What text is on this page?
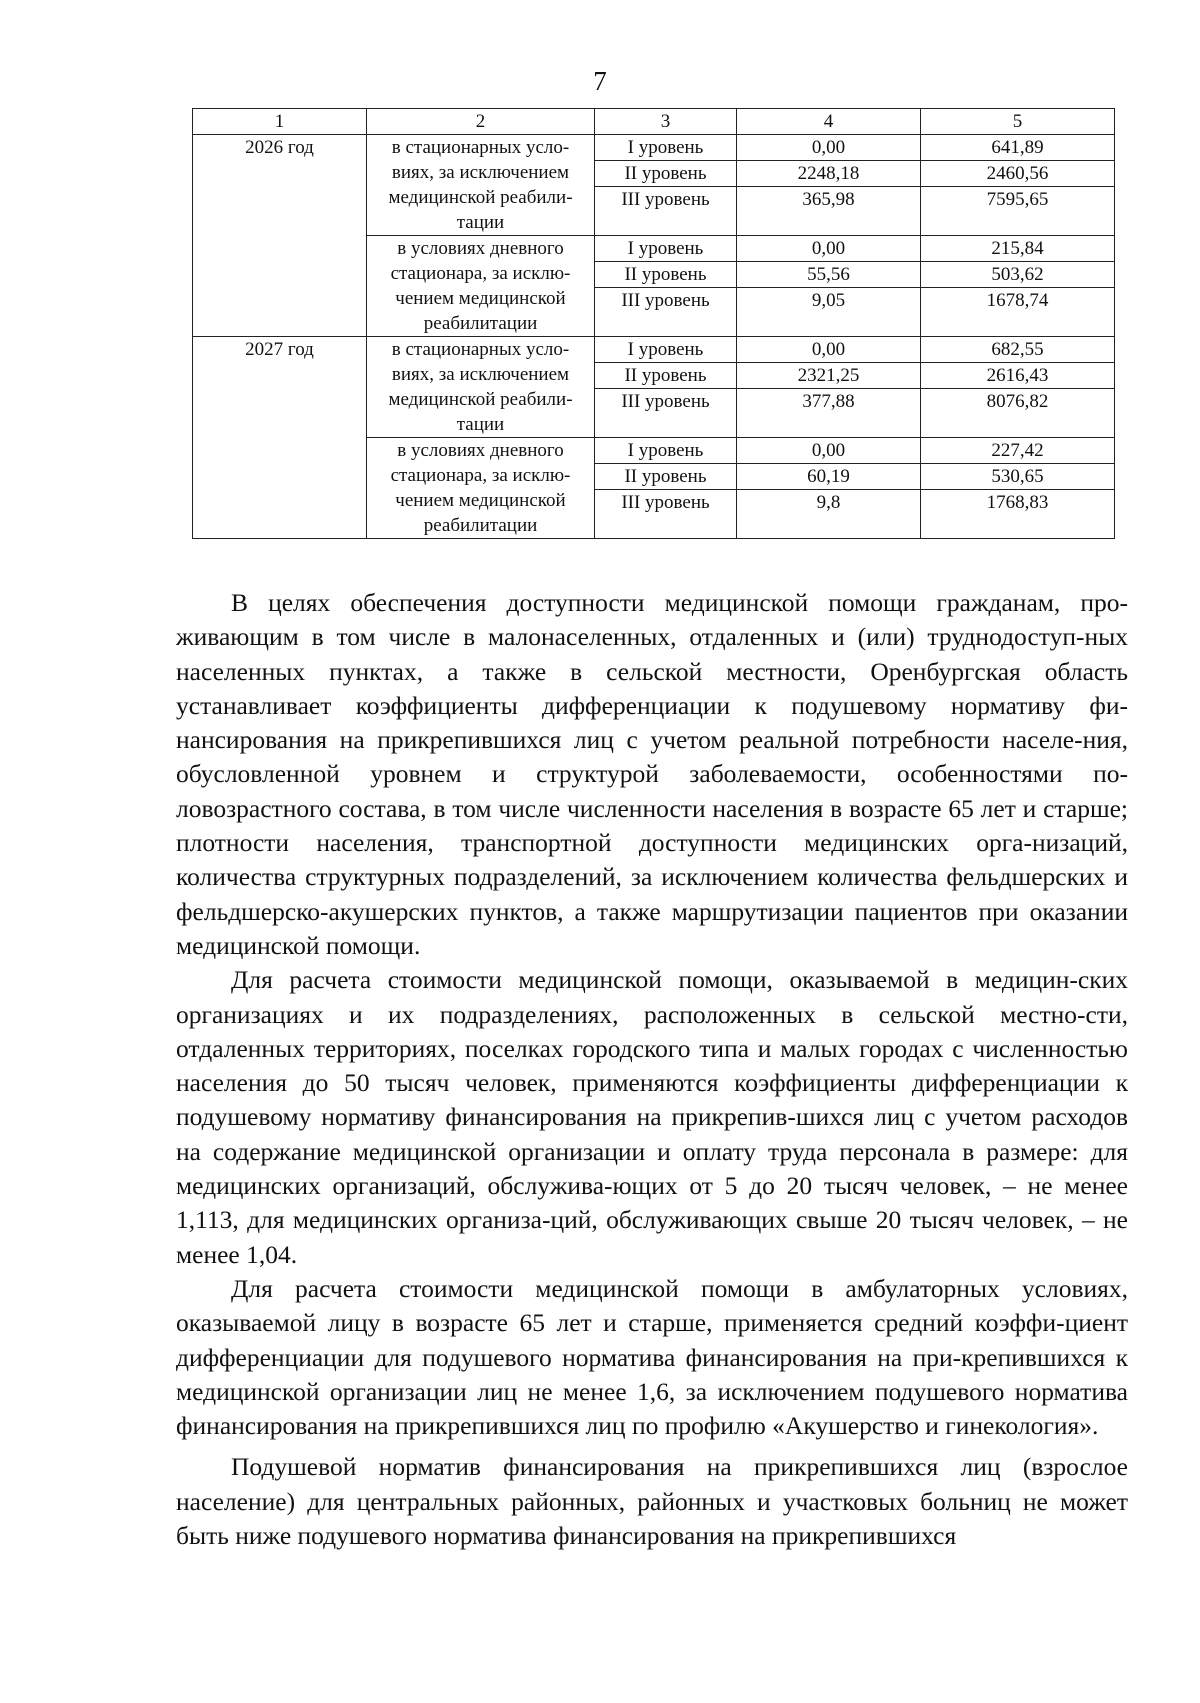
7
1	2	3	4	5
2026 год	в стационарных усло-виях, за исключением медицинской реабили-тации	I уровень	0,00	641,89
		II уровень	2248,18	2460,56
		III уровень	365,98	7595,65

	в условиях дневного стационара, за исклю-чением медицинской реабилитации	I уровень	0,00	215,84
		II уровень	55,56	503,62
		III уровень	9,05	1678,74

2027 год	в стационарных усло-виях, за исключением медицинской реабили-тации	I уровень	0,00	682,55
		II уровень	2321,25	2616,43
		III уровень	377,88	8076,82

	в условиях дневного стационара, за исклю-чением медицинской реабилитации	I уровень	0,00	227,42
		II уровень	60,19	530,65
		III уровень	9,8	1768,83

В целях обеспечения доступности медицинской помощи гражданам, про-живающим в том числе в малонаселенных, отдаленных и (или) труднодоступ-ных населенных пунктах, а также в сельской местности, Оренбургская область устанавливает коэффициенты дифференциации к подушевому нормативу фи-нансирования на прикрепившихся лиц с учетом реальной потребности населе-ния, обусловленной уровнем и структурой заболеваемости, особенностями по-ловозрастного состава, в том числе численности населения в возрасте 65 лет и старше; плотности населения, транспортной доступности медицинских орга-низаций, количества структурных подразделений, за исключением количества фельдшерских и фельдшерско-акушерских пунктов, а также маршрутизации пациентов при оказании медицинской помощи.

Для расчета стоимости медицинской помощи, оказываемой в медицин-ских организациях и их подразделениях, расположенных в сельской местно-сти, отдаленных территориях, поселках городского типа и малых городах с численностью населения до 50 тысяч человек, применяются коэффициенты дифференциации к подушевому нормативу финансирования на прикрепив-шихся лиц с учетом расходов на содержание медицинской организации и оплату труда персонала в размере: для медицинских организаций, обслужива-ющих от 5 до 20 тысяч человек, – не менее 1,113, для медицинских организа-ций, обслуживающих свыше 20 тысяч человек, – не менее 1,04.

Для расчета стоимости медицинской помощи в амбулаторных условиях, оказываемой лицу в возрасте 65 лет и старше, применяется средний коэффи-циент дифференциации для подушевого норматива финансирования на при-крепившихся к медицинской организации лиц не менее 1,6, за исключением подушевого норматива финансирования на прикрепившихся лиц по профилю «Акушерство и гинекология».

Подушевой норматив финансирования на прикрепившихся лиц (взрослое население) для центральных районных, районных и участковых больниц не может быть ниже подушевого норматива финансирования на прикрепившихся
